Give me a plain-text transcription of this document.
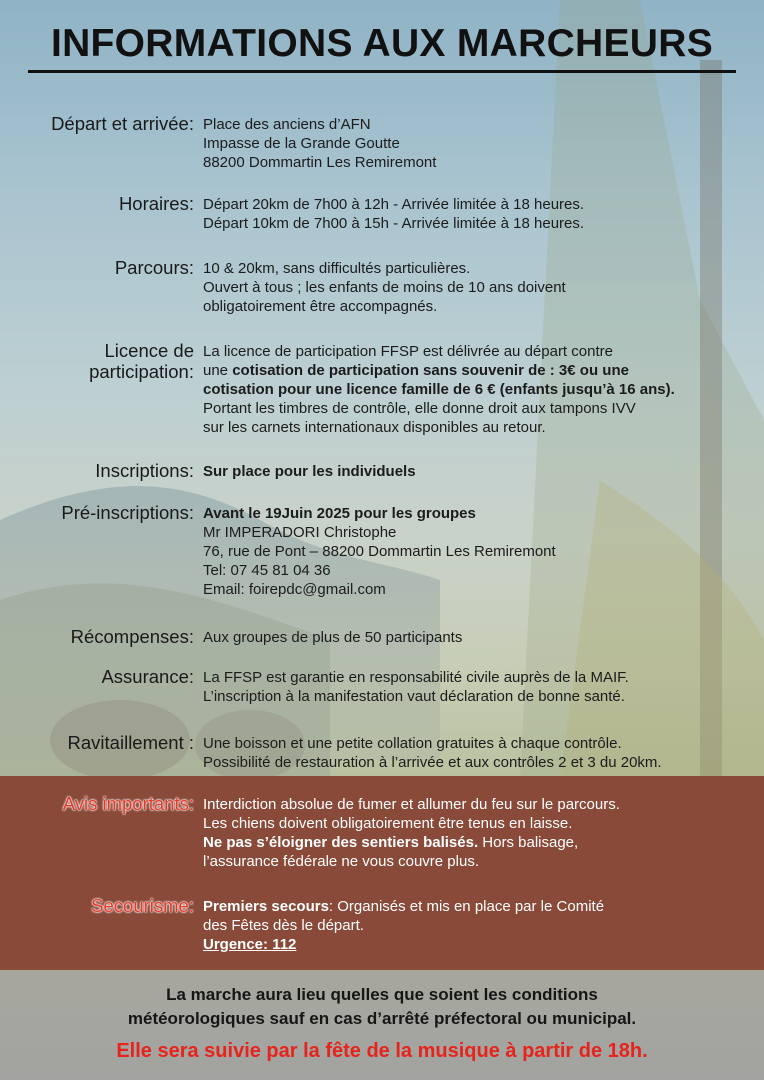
INFORMATIONS AUX MARCHEURS
Départ et arrivée: Place des anciens d’AFN
Impasse de la Grande Goutte
88200 Dommartin Les Remiremont
Horaires: Départ 20km de 7h00 à 12h - Arrivée limitée à 18 heures.
Départ 10km de 7h00 à 15h - Arrivée limitée à 18 heures.
Parcours: 10 & 20km, sans difficultés particulières.
Ouvert à tous ; les enfants de moins de 10 ans doivent
obligatoirement être accompagnés.
Licence de
participation:
La licence de participation FFSP est délivrée au départ contre
une cotisation de participation sans souvenir de : 3€ ou une
cotisation pour une licence famille de 6 € (enfants jusqu’à 16 ans).
Portant les timbres de contrôle, elle donne droit aux tampons IVV
sur les carnets internationaux disponibles au retour.
Inscriptions: Sur place pour les individuels
Pré-inscriptions: Avant le 19Juin 2025 pour les groupes
Mr IMPERADORI Christophe
76, rue de Pont – 88200 Dommartin Les Remiremont
Tel: 07 45 81 04 36
Email: foirepdc@gmail.com
Récompenses: Aux groupes de plus de 50 participants
Assurance: La FFSP est garantie en responsabilité civile auprès de la MAIF.
L’inscription à la manifestation vaut déclaration de bonne santé.
Ravitaillement : Une boisson et une petite collation gratuites à chaque contrôle.
Possibilité de restauration à l’arrivée et aux contrôles 2 et 3 du 20km.
Avis importants: Interdiction absolue de fumer et allumer du feu sur le parcours.
Les chiens doivent obligatoirement être tenus en laisse.
Ne pas s’éloigner des sentiers balisés. Hors balisage,
l’assurance fédérale ne vous couvre plus.
Secourisme: Premiers secours: Organisés et mis en place par le Comité
des Fêtes dès le départ.
Urgence: 112
La marche aura lieu quelles que soient les conditions
météorologiques sauf en cas d’arrêté préfectoral ou municipal.
Elle sera suivie par la fête de la musique à partir de 18h.
